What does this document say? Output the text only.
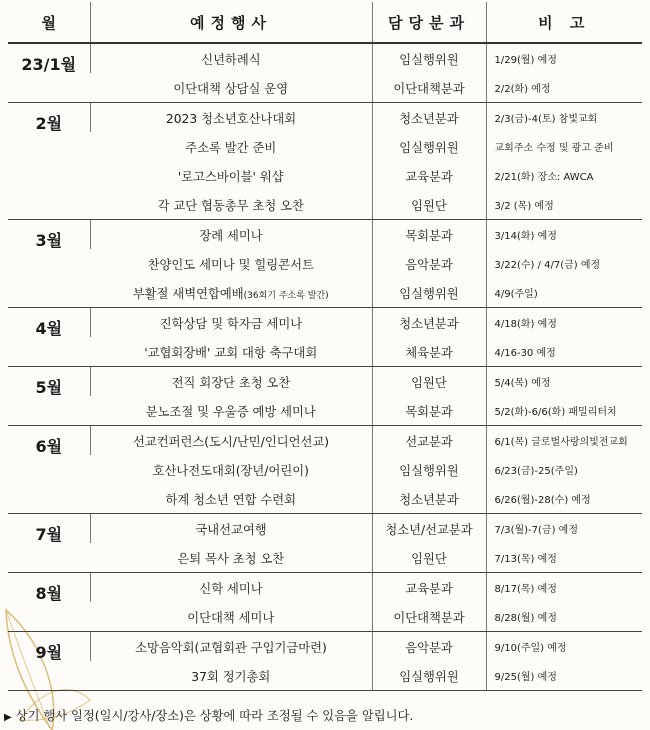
월	예정행사	담당분과	비 고
23/1월	신년하례식	임실행위원	1/29(월) 예정
	이단대책 상담실 운영	이단대책분과	2/2(화) 예정
2월	2023 청소년호산나대회	청소년분과	2/3(금)-4(토) 참빛교회
	주소록 발간 준비	임실행위원	교회주소 수정 및 광고 준비
	'로고스바이블' 워샵	교육분과	2/21(화) 장소: AWCA
	각 교단 협동총무 초청 오찬	임원단	3/2 (목) 예정
3월	장례 세미나	목회분과	3/14(화) 예정
	찬양인도 세미나 및 힐링콘서트	음악분과	3/22(수) / 4/7(금) 예정
	부활절 새벽연합예배(36회기 주소록 발간)	임실행위원	4/9(주일)
4월	진학상담 및 학자금 세미나	청소년분과	4/18(화) 예정
	'교협회장배' 교회 대항 축구대회	체육분과	4/16-30 예정
5월	전직 회장단 초청 오찬	임원단	5/4(목) 예정
	분노조절 및 우울증 예방 세미나	목회분과	5/2(화)-6/6(화) 패밀리터치
6월	선교컨퍼런스(도시/난민/인디언선교)	선교분과	6/1(목) 글로벌사랑의빛전교회
	호산나전도대회(장년/어린이)	임실행위원	6/23(금)-25(주일)
	하계 청소년 연합 수련회	청소년분과	6/26(월)-28(수) 예정
7월	국내선교여행	청소년/선교분과	7/3(월)-7(금) 예정
	은퇴 목사 초청 오찬	임원단	7/13(목) 예정
8월	신학 세미나	교육분과	8/17(목) 예정
	이단대책 세미나	이단대책분과	8/28(월) 예정
9월	소망음악회(교협회관 구입기금마련)	음악분과	9/10(주일) 예정
	37회 정기총회	임실행위원	9/25(월) 예정
▶ 상기 행사 일정(일시/강사/장소)은 상황에 따라 조정될 수 있음을 알립니다.
